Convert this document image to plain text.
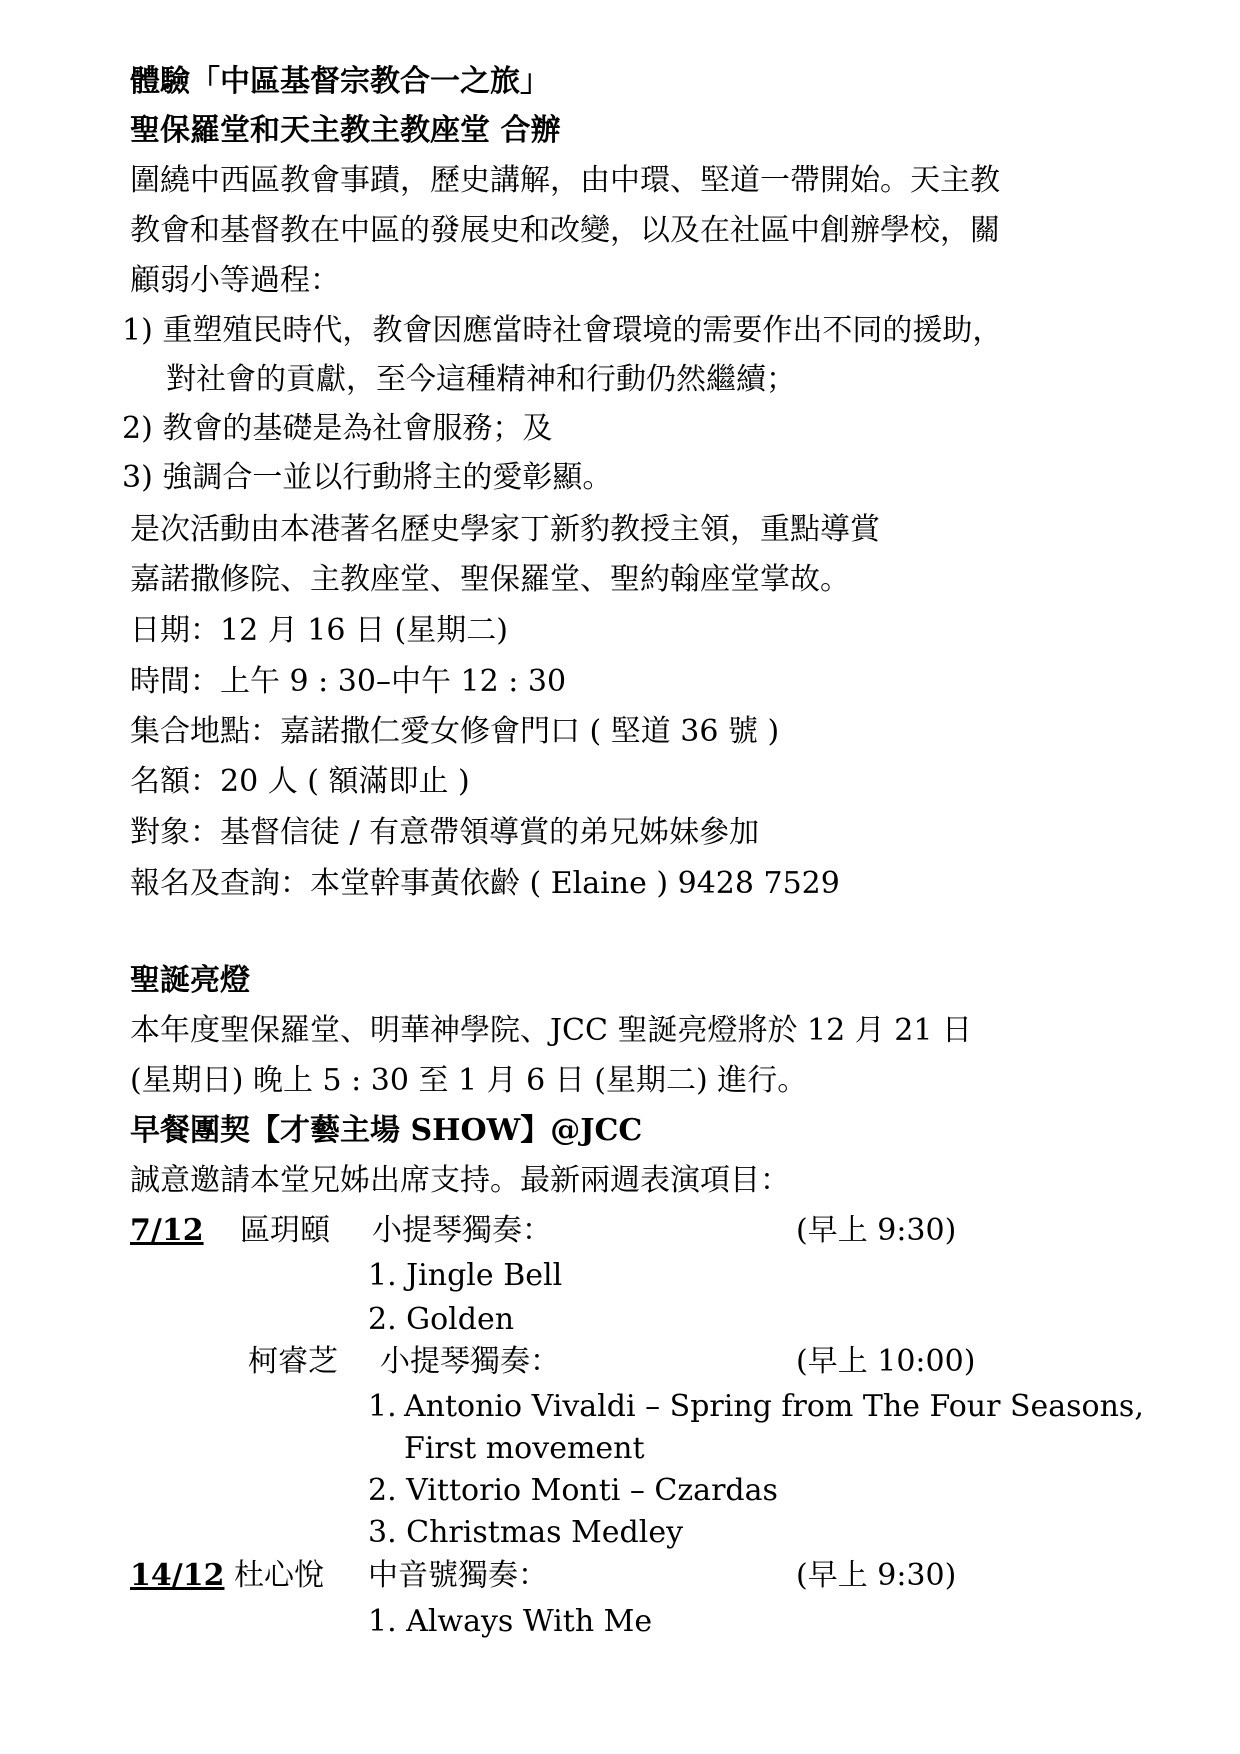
體驗「中區基督宗教合一之旅」
聖保羅堂和天主教主教座堂 合辦
圍繞中西區教會事蹟，歷史講解，由中環、堅道一帶開始。天主教
教會和基督教在中區的發展史和改變，以及在社區中創辦學校，關
顧弱小等過程：
1) 重塑殖民時代，教會因應當時社會環境的需要作出不同的援助，
對社會的貢獻，至今這種精神和行動仍然繼續；
2) 教會的基礎是為社會服務；及
3) 強調合一並以行動將主的愛彰顯。
是次活動由本港著名歷史學家丁新豹教授主領，重點導賞
嘉諾撒修院、主教座堂、聖保羅堂、聖約翰座堂掌故。
日期：12 月 16 日 (星期二)
時間：上午 9 : 30–中午 12 : 30
集合地點：嘉諾撒仁愛女修會門口 ( 堅道 36 號 )
名額：20 人 ( 額滿即止 )
對象：基督信徒 / 有意帶領導賞的弟兄姊妹參加
報名及查詢：本堂幹事黃依齡 ( Elaine ) 9428 7529
聖誕亮燈
本年度聖保羅堂、明華神學院、JCC 聖誕亮燈將於 12 月 21 日
(星期日) 晚上 5 : 30 至 1 月 6 日 (星期二) 進行。
早餐團契【才藝主場 SHOW】@JCC
誠意邀請本堂兄姊出席支持。最新兩週表演項目：
7/12 區玥頤 小提琴獨奏：	(早上 9:30)
1. Jingle Bell
2. Golden
柯睿芝 小提琴獨奏：	(早上 10:00)
1. Antonio Vivaldi – Spring from The Four Seasons,
First movement
2. Vittorio Monti – Czardas
3. Christmas Medley
14/12 杜心悅 中音號獨奏：	(早上 9:30)
1. Always With Me
